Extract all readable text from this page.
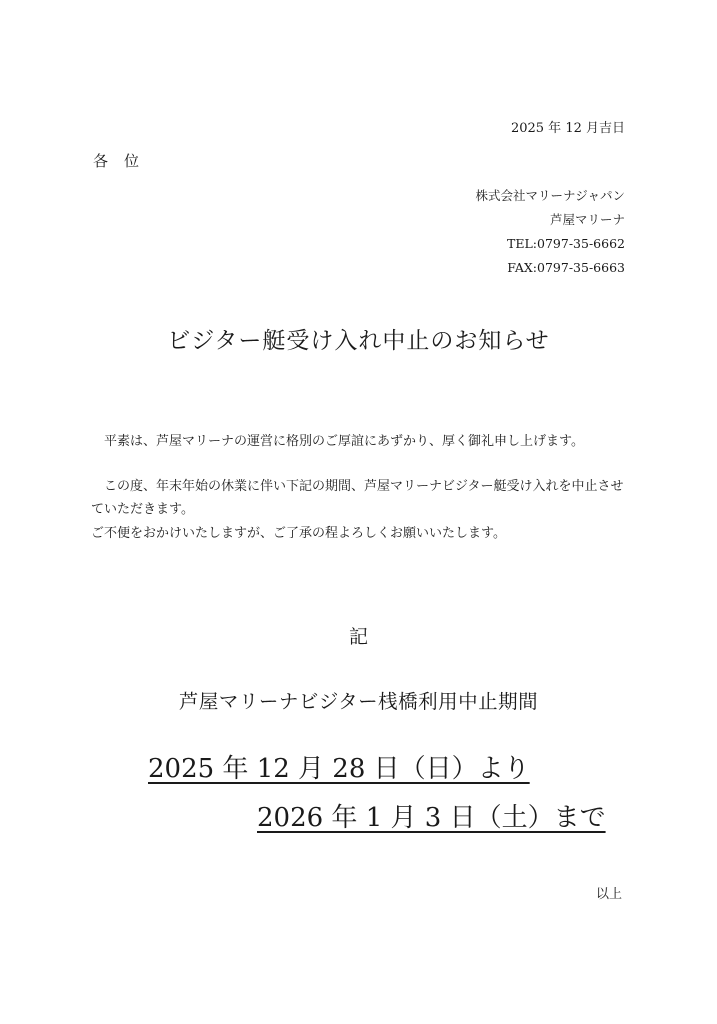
2025 年 12 月吉日
各位
株式会社マリーナジャパン
芦屋マリーナ
TEL:0797-35-6662
FAX:0797-35-6663
ビジター艇受け入れ中止のお知らせ

平素は、芦屋マリーナの運営に格別のご厚誼にあずかり、厚く御礼申し上げます。

この度、年末年始の休業に伴い下記の期間、芦屋マリーナビジター艇受け入れを中止させていただきます。

ご不便をおかけいたしますが、ご了承の程よろしくお願いいたします。

記
芦屋マリーナビジター桟橋利用中止期間
2025 年 12 月 28 日（日）より
2026 年 1 月 3 日（土）まで
以上
